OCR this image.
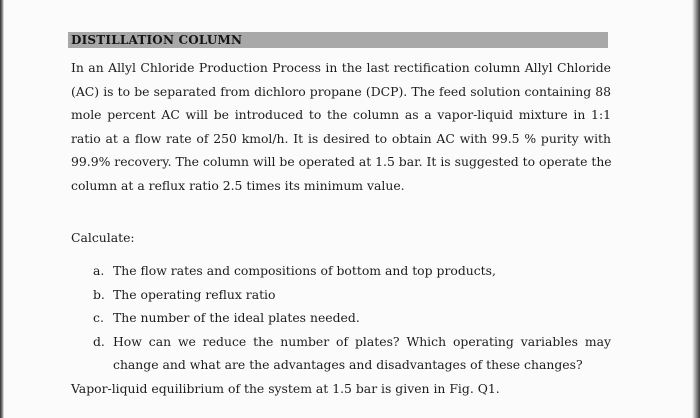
DISTILLATION COLUMN
In an Allyl Chloride Production Process in the last rectification column Allyl Chloride
(AC) is to be separated from dichloro propane (DCP). The feed solution containing 88
mole percent AC will be introduced to the column as a vapor-liquid mixture in 1:1
ratio at a flow rate of 250 kmol/h. It is desired to obtain AC with 99.5 % purity with
99.9% recovery. The column will be operated at 1.5 bar. It is suggested to operate the
column at a reflux ratio 2.5 times its minimum value.
Calculate:
a. The flow rates and compositions of bottom and top products,
b. The operating reflux ratio
c. The number of the ideal plates needed.
d. How can we reduce the number of plates? Which operating variables may
change and what are the advantages and disadvantages of these changes?
Vapor-liquid equilibrium of the system at 1.5 bar is given in Fig. Q1.
